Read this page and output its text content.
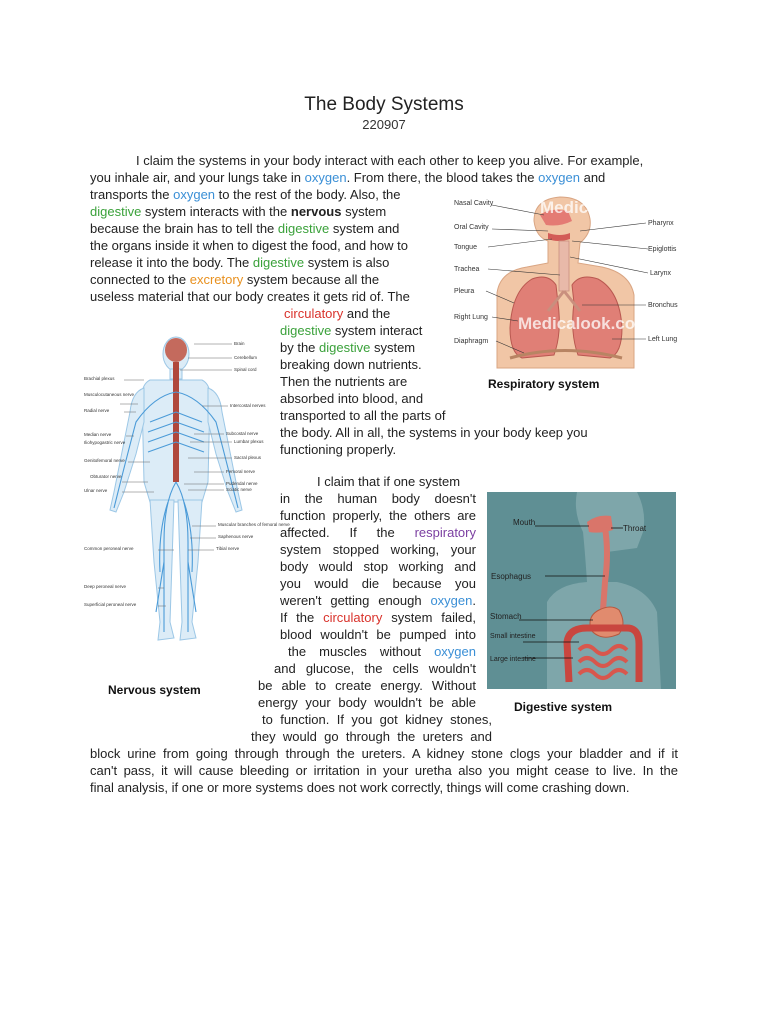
The Body Systems
220907
I claim the systems in your body interact with each other to keep you alive. For example,
you inhale air, and your lungs take in oxygen. From there, the blood takes the oxygen and
transports the oxygen to the rest of the body. Also, the
digestive system interacts with the nervous system
because the brain has to tell the digestive system and
the organs inside it when to digest the food, and how to
release it into the body. The digestive system is also
connected to the excretory system because all the
useless material that our body creates it gets rid of. The
circulatory and the
digestive system interact
by the digestive system
breaking down nutrients.
Then the nutrients are
absorbed into blood, and
transported to all the parts of
the body. All in all, the systems in your body keep you
functioning properly.
I claim that if one system
in the human body doesn't
function properly, the others are
affected. If the respiratory
system stopped working, your
body would stop working and
you would die because you
weren't getting enough oxygen.
If the circulatory system failed,
blood wouldn't be pumped into
the muscles without oxygen
and glucose, the cells wouldn't
be able to create energy. Without
energy your body wouldn't be able
to function. If you got kidney stones,
they would go through the ureters and
block urine from going through through the ureters. A kidney stone clogs your bladder and if it
can't pass, it will cause bleeding or irritation in your uretha also you might cease to live. In the
final analysis, if one or more systems does not work correctly, things will come crashing down.
Medicalook.com
Medicalook.com
Nasal Cavity
Oral Cavity
Tongue
Trachea
Pleura
Right Lung
Diaphragm
Pharynx
Epiglottis
Larynx
Bronchus
Left Lung
Respiratory system
Brachial plexus
Musculocutaneous nerve
Radial nerve
Median nerve
Iliohypogastric nerve
Genitofemoral nerve
Obturator nerve
Ulnar nerve
Common peroneal nerve
Deep peroneal nerve
Superficial peroneal nerve
Brain
Cerebellum
Spinal cord
Intercostal nerves
Subcostal nerve
Lumbar plexus
Sacral plexus
Femoral nerve
Pudendal nerve
Sciatic nerve
Muscular branches of femoral nerve
Saphenous nerve
Tibial nerve
Nervous system
Mouth
Throat
Esophagus
Stomach
Small intestine
Large intestine
Digestive system
